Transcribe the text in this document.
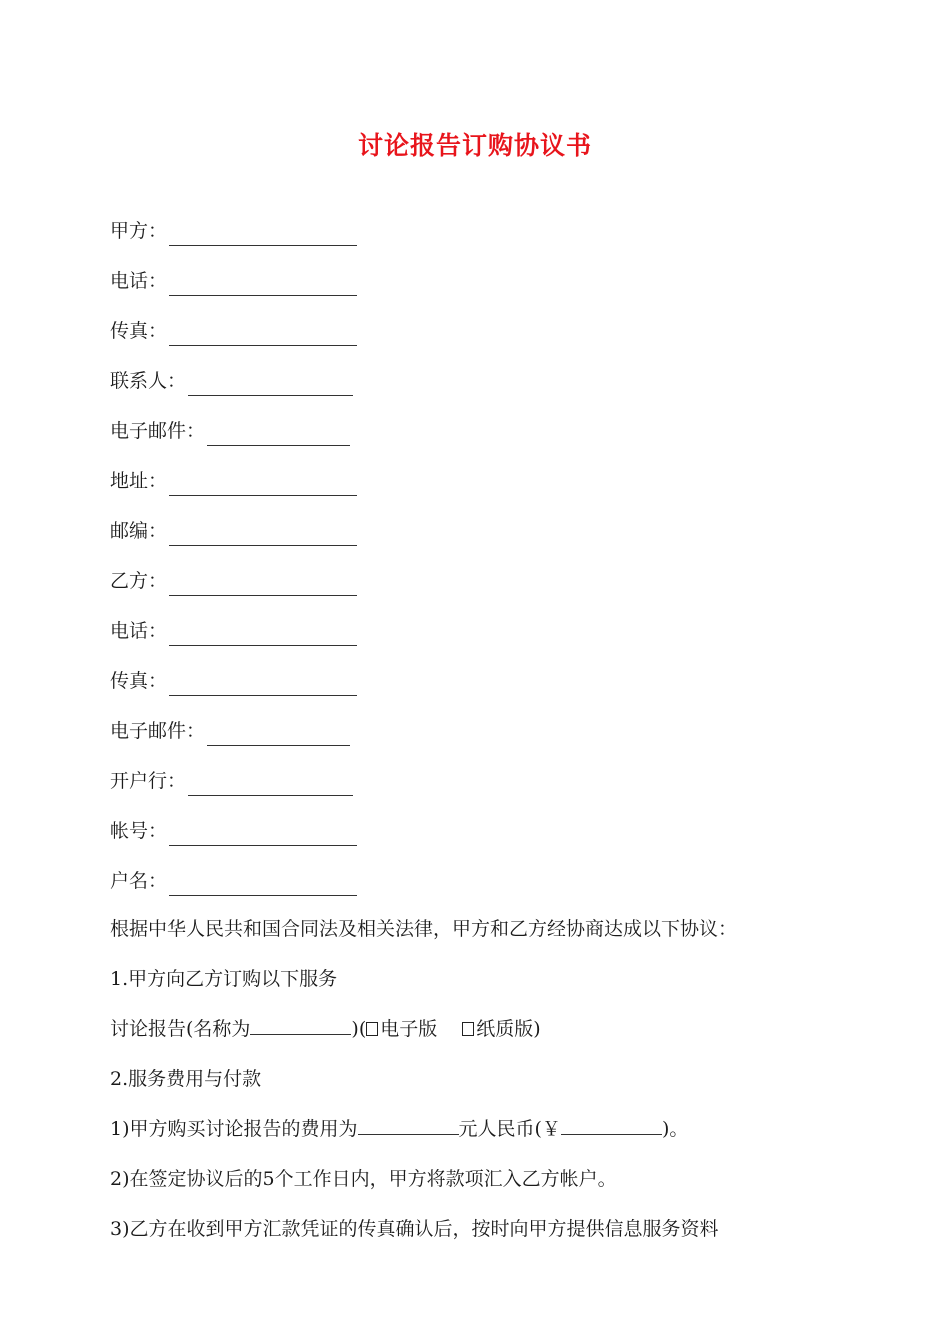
讨论报告订购协议书
甲方：
电话：
传真：
联系人：
电子邮件：
地址：
邮编：
乙方：
电话：
传真：
电子邮件：
开户行：
帐号：
户名：
根据中华人民共和国合同法及相关法律，甲方和乙方经协商达成以下协议：
1.甲方向乙方订购以下服务
讨论报告(名称为	)( 电子版 纸质版)
2.服务费用与付款
1)甲方购买讨论报告的费用为	元人民币(￥	)。
2)在签定协议后的5个工作日内，甲方将款项汇入乙方帐户。
3)乙方在收到甲方汇款凭证的传真确认后，按时向甲方提供信息服务资料
